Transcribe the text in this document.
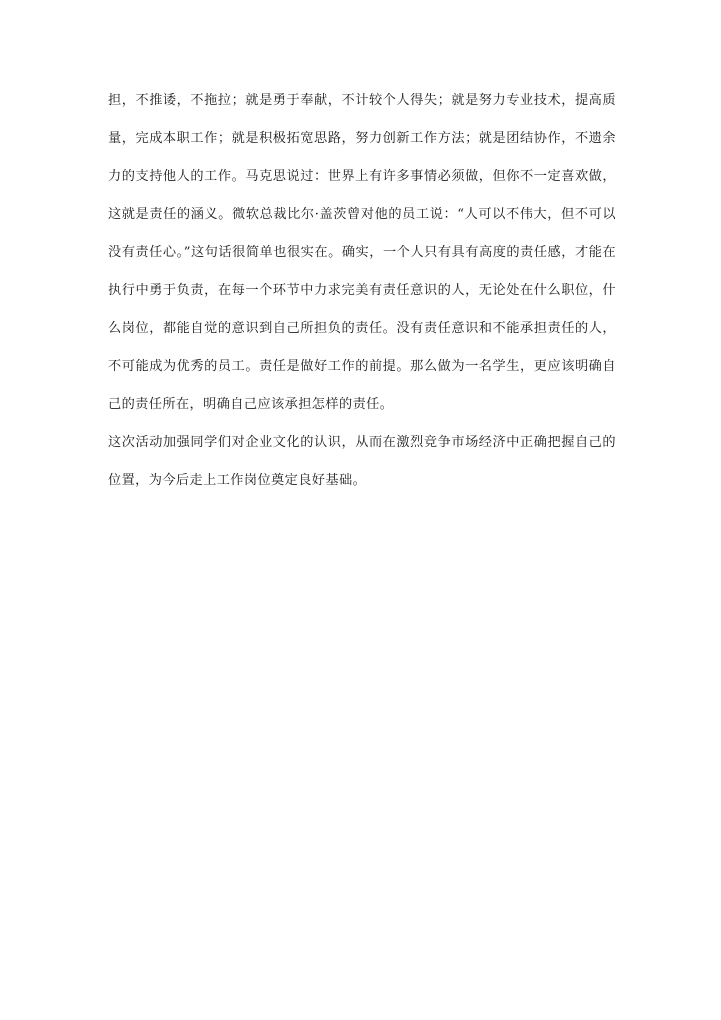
担，不推诿，不拖拉；就是勇于奉献，不计较个人得失；就是努力专业技术，提高质量，完成本职工作；就是积极拓宽思路，努力创新工作方法；就是团结协作，不遗余力的支持他人的工作。马克思说过：世界上有许多事情必须做，但你不一定喜欢做，这就是责任的涵义。微软总裁比尔·盖茨曾对他的员工说：“人可以不伟大，但不可以没有责任心。”这句话很简单也很实在。确实，一个人只有具有高度的责任感，才能在执行中勇于负责，在每一个环节中力求完美有责任意识的人，无论处在什么职位，什么岗位，都能自觉的意识到自己所担负的责任。没有责任意识和不能承担责任的人，不可能成为优秀的员工。责任是做好工作的前提。那么做为一名学生，更应该明确自己的责任所在，明确自己应该承担怎样的责任。

这次活动加强同学们对企业文化的认识，从而在激烈竞争市场经济中正确把握自己的位置，为今后走上工作岗位奠定良好基础。
